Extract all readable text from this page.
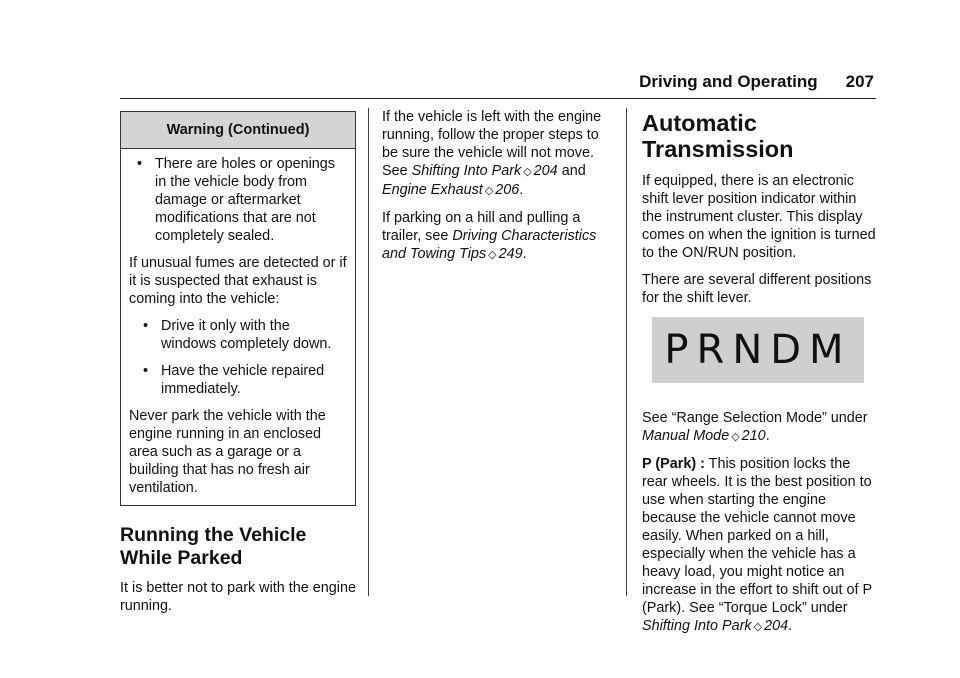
Driving and Operating 207
Warning (Continued)
• There are holes or openings in the vehicle body from damage or aftermarket modifications that are not completely sealed.

If unusual fumes are detected or if it is suspected that exhaust is coming into the vehicle:

• Drive it only with the windows completely down.
• Have the vehicle repaired immediately.

Never park the vehicle with the engine running in an enclosed area such as a garage or a building that has no fresh air ventilation.

Running the Vehicle While Parked

It is better not to park with the engine running.

If the vehicle is left with the engine running, follow the proper steps to be sure the vehicle will not move. See Shifting Into Park ◇ 204 and Engine Exhaust ◇ 206.

If parking on a hill and pulling a trailer, see Driving Characteristics and Towing Tips ◇ 249.

Automatic Transmission

If equipped, there is an electronic shift lever position indicator within the instrument cluster. This display comes on when the ignition is turned to the ON/RUN position.

There are several different positions for the shift lever.

PRNDM

See “Range Selection Mode” under Manual Mode ◇ 210.

P (Park) : This position locks the rear wheels. It is the best position to use when starting the engine because the vehicle cannot move easily. When parked on a hill, especially when the vehicle has a heavy load, you might notice an increase in the effort to shift out of P (Park). See “Torque Lock” under Shifting Into Park ◇ 204.
